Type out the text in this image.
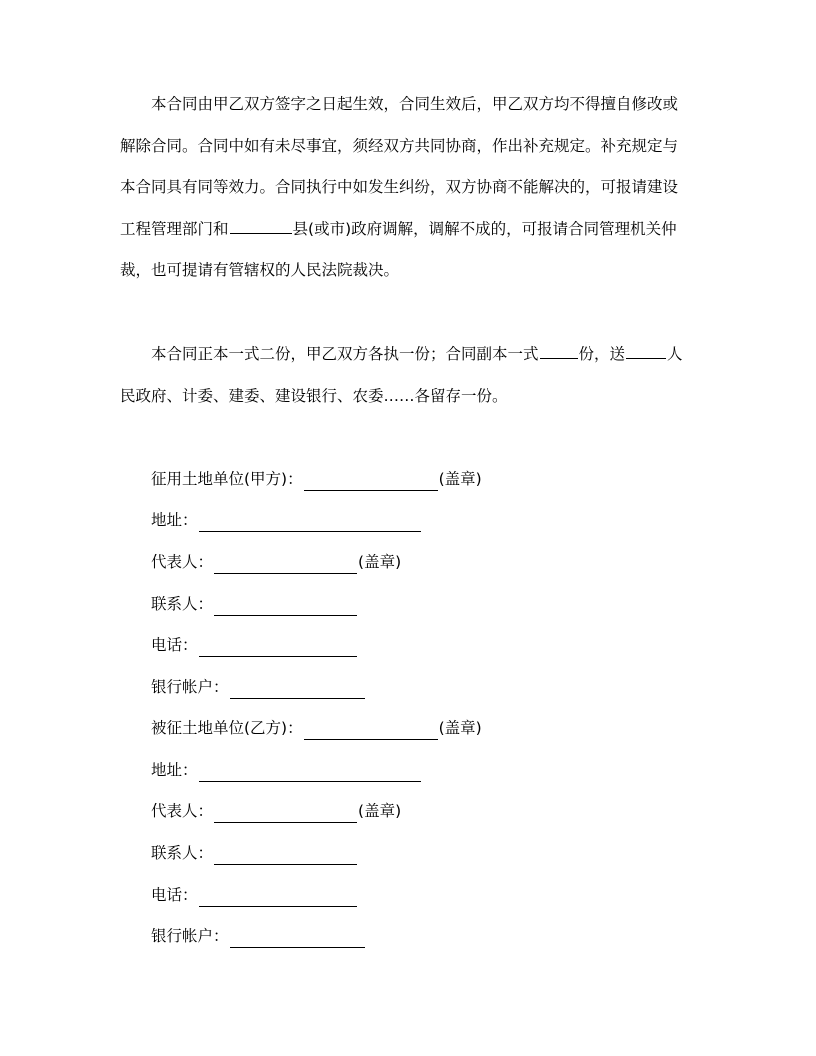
本合同由甲乙双方签字之日起生效，合同生效后，甲乙双方均不得擅自修改或
解除合同。合同中如有未尽事宜，须经双方共同协商，作出补充规定。补充规定与
本合同具有同等效力。合同执行中如发生纠纷，双方协商不能解决的，可报请建设
工程管理部门和	县(或市)政府调解，调解不成的，可报请合同管理机关仲
裁，也可提请有管辖权的人民法院裁决。
本合同正本一式二份，甲乙双方各执一份；合同副本一式	份，送	人
民政府、计委、建委、建设银行、农委……各留存一份。
征用土地单位(甲方)：	(盖章)
地址：
代表人：	(盖章)
联系人：
电话：
银行帐户：
被征土地单位(乙方)：	(盖章)
地址：
代表人：	(盖章)
联系人：
电话：
银行帐户：
